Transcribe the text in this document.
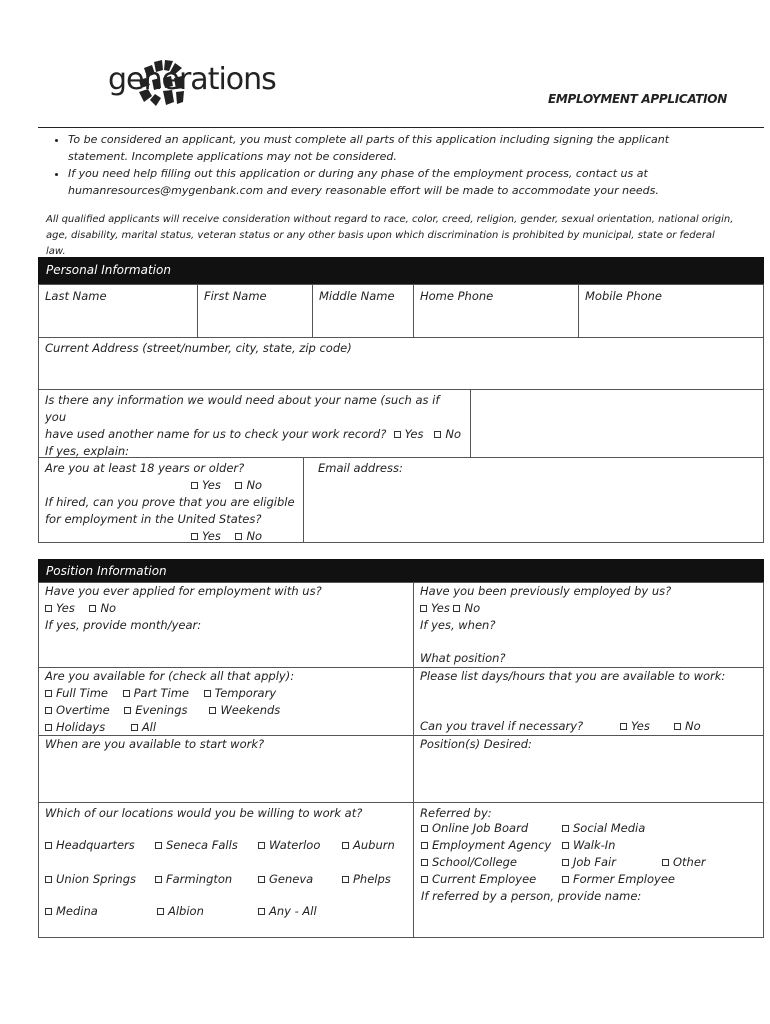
generations
EMPLOYMENT APPLICATION
• To be considered an applicant, you must complete all parts of this application including signing the applicant statement. Incomplete applications may not be considered.
• If you need help filling out this application or during any phase of the employment process, contact us at humanresources@mygenbank.com and every reasonable effort will be made to accommodate your needs.
All qualified applicants will receive consideration without regard to race, color, creed, religion, gender, sexual orientation, national origin, age, disability, marital status, veteran status or any other basis upon which discrimination is prohibited by municipal, state or federal law.
Personal Information
Last Name	First Name	Middle Name	Home Phone	Mobile Phone
Current Address (street/number, city, state, zip code)
Is there any information we would need about your name (such as if you
have used another name for us to check your work record? Yes No
If yes, explain:
Are you at least 18 years or older?
Yes No
If hired, can you prove that you are eligible
for employment in the United States?
Yes No
Email address:
Position Information
Have you ever applied for employment with us?
Yes No
If yes, provide month/year:
Have you been previously employed by us?
Yes No
If yes, when?
What position?
Are you available for (check all that apply):
Full Time Part Time Temporary
Overtime Evenings	Weekends
Holidays	All
Please list days/hours that you are available to work:
Can you travel if necessary?	Yes	No
When are you available to start work?	Position(s) Desired:
Which of our locations would you be willing to work at?
Headquarters	Seneca Falls	Waterloo	Auburn
Union Springs	Farmington	Geneva	Phelps
Medina	Albion	Any - All
Referred by:
Online Job Board	Social Media
Employment Agency	Walk-In
School/College	Job Fair	Other
Current Employee	Former Employee
If referred by a person, provide name:
